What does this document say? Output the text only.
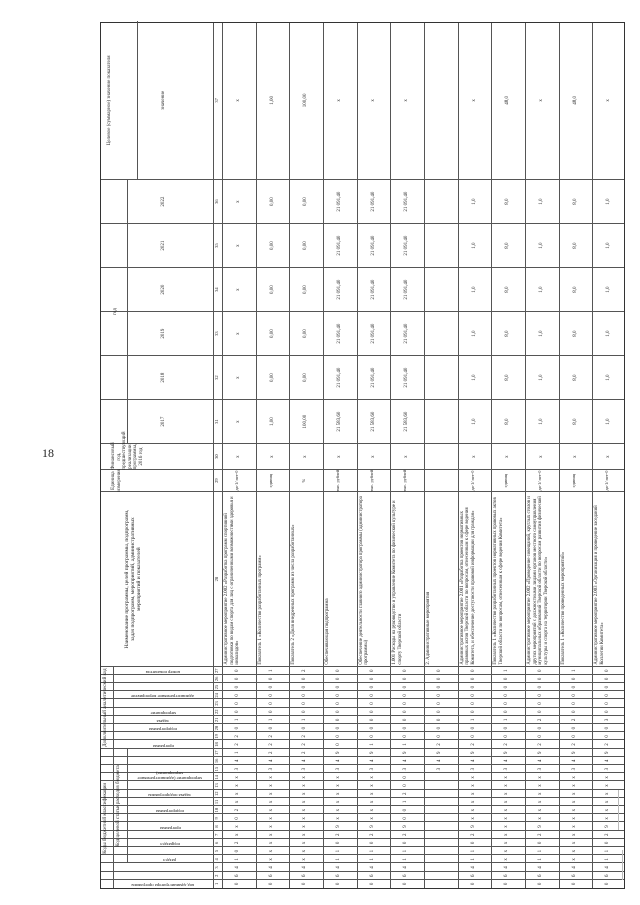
18
Коды бюджетной классификации
Дополнительный аналитический код
Код целевой статьи расходов бюджета
код администратора программы
раздел
подраздел
программа
подпрограмма
задача подпрограммы
мероприятие (административное мероприятие)
программа
подпрограмма
задача
мероприятие
административное мероприятие
номер показателя
Наименование программы, целей программы, подпрограмм, задач подпрограмм, мероприятий, административных мероприятий и показателей
Единица измерения
Финансовый год, предшествующий реализации программы, 2016 год
год
2017
2018
2019
2020
2021
2022
Целевое (суммарное) значение показателя	значение
1
2
3
4
5
6
7
8
9
10
11
12
13
14
15
16
17
18
19
20
21
22
23
24
25
26
27
28
29
30
31
32
33
34
35
36
37
0
6
4
1
0
2
x
x
0
2
x
x
x
x
3
4
1
2
2
0
1
0
0
0
0
0
0
Административное мероприятие 2.002 «Разработка программ спортивной подготовки по видам спорта для лиц с ограниченными возможностями здоровья и инвалидов»
да-1/ нет-0
x
x
x
x
x
x
x
x
0
6
4
x
x
x
x
x
x
x
x
x
x
x
3
4
2
2
2
0
1
0
0
0
0
0
1
Показатель 1 «Количество разработанных программ»
единиц
x
1,00
0,00
0,00
0,00
0,00
0,00
1,00
0
6
4
x
x
x
x
x
x
x
x
x
x
x
3
4
2
2
2
0
1
0
0
0
0
0
2
Показатель 2 «Доля внедренных программ из числа разработанных»
%
x
100,00
0,00
0,00
0,00
0,00
0,00
100,00
0
6
4
1
1
0
2
9
x
x
x
x
x
x
3
4
9
0
0
0
0
0
0
0
0
0
0
Обеспечивающая подпрограмма
тыс. рублей
x
21 583,60
21 091,40
21 091,40
21 091,40
21 091,40
21 091,40
x
0
6
4
1
1
0
2
9
x
x
x
x
x
x
3
4
9
1
0
0
0
0
0
0
0
0
0
Обеспечение деятельности главного администратора программы (администратора программы)
тыс. рублей
x
21 583,60
21 091,40
21 091,40
21 091,40
21 091,40
21 091,40
x
0
6
4
1
1
0
2
9
0
0
1
2
0
0
3
4
9
1
0
0
0
0
0
0
0
0
0
1.001 Расходы на руководство и управление Комитета по физической культуре и спорту Тверской области
тыс. рублей
x
21 583,60
21 091,40
21 091,40
21 091,40
21 091,40
21 091,40
x
3
4
9
2
0
0
0
0
0
0
0
0
0
2. Административные мероприятия
0
6
4
1
1
0
2
9
x
x
x
x
x
x
3
4
9
2
0
0
1
0
0
0
0
0
0
Административное мероприятие 2.001 «Разработка проектов нормативных правовых актов Тверской области по вопросам, отнесенным к сфере ведения Комитета, и обеспечение доступности правовой информации для граждан»
да-1/ нет-0
x
1,0
1,0
1,0
1,0
1,0
1,0
x
0
6
4
x
x
x
x
x
x
x
x
x
x
x
3
4
9
2
0
0
1
0
0
0
0
0
1
Показатель 1 «Количество разработанных проектов нормативных правовых актов Тверской области по вопросам, отнесенным к сфере ведения Комитета»
единиц
x
8,0
8,0
8,0
8,0
8,0
8,0
48,0
0
6
4
1
1
0
2
9
x
x
x
x
x
x
3
4
9
2
0
0
2
0
0
0
0
0
0
Административное мероприятие 2.002 «Проведение совещаний, круглых столов и других мероприятий с должностными лицами органов местного самоуправления муниципальных образований Тверской области по вопросам развития физической культуры и спорта на территории Тверской области»
да-1/ нет-0
x
1,0
1,0
1,0
1,0
1,0
1,0
x
0
6
4
x
x
x
x
x
x
x
x
x
x
x
3
4
9
2
0
0
2
0
0
0
0
0
1
Показатель 1 «Количество проведенных мероприятий»
единиц
x
8,0
8,0
8,0
8,0
8,0
8,0
48,0
0
6
4
1
1
0
2
9
x
x
x
x
x
x
3
4
9
2
0
0
3
0
0
0
0
0
0
Административное мероприятие 2.003 «Организация и проведение заседаний Коллегии Комитета»
да-1/ нет-0
x
1,0
1,0
1,0
1,0
1,0
1,0
x
